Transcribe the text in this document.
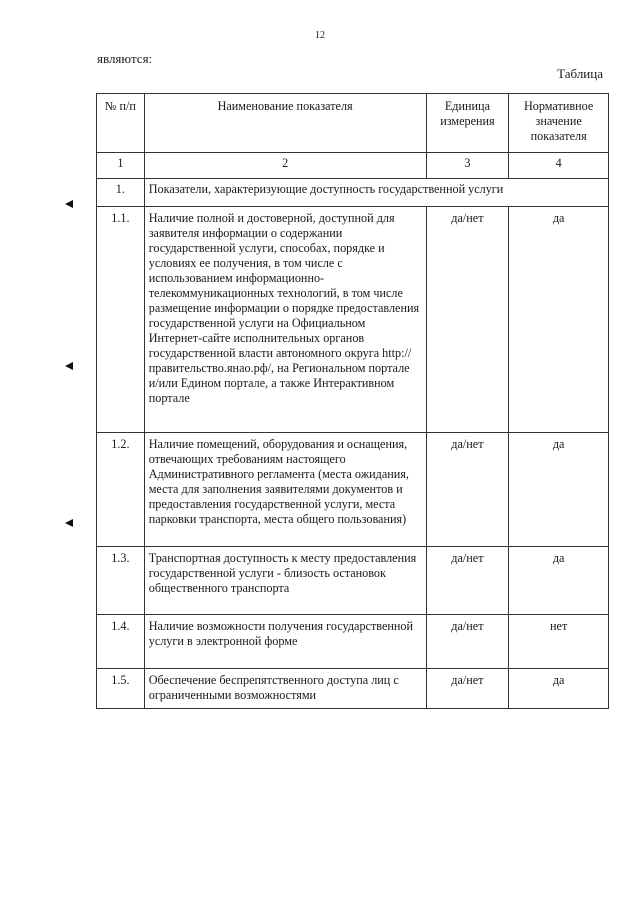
12
являются:
Таблица
№ п/п	Наименование показателя	Единица измерения	Нормативное значение показателя
1	2	3	4
1.	Показатели, характеризующие доступность государственной услуги		
1.1.	Наличие полной и достоверной, доступной для заявителя информации о содержании государственной услуги, способах, порядке и условиях ее получения, в том числе с использованием информационно-телекоммуникационных технологий, в том числе размещение информации о порядке предоставления государственной услуги на Официальном Интернет-сайте исполнительных органов государственной власти автономного округа http://правительство.янао.рф/, на Региональном портале и/или Едином портале, а также Интерактивном портале	да/нет	да
1.2.	Наличие помещений, оборудования и оснащения, отвечающих требованиям настоящего Административного регламента (места ожидания, места для заполнения заявителями документов и предоставления государственной услуги, места парковки транспорта, места общего пользования)	да/нет	да
1.3.	Транспортная доступность к месту предоставления государственной услуги - близость остановок общественного транспорта	да/нет	да
1.4.	Наличие возможности получения государственной услуги в электронной форме	да/нет	нет
1.5.	Обеспечение беспрепятственного доступа лиц с ограниченными возможностями	да/нет	да
